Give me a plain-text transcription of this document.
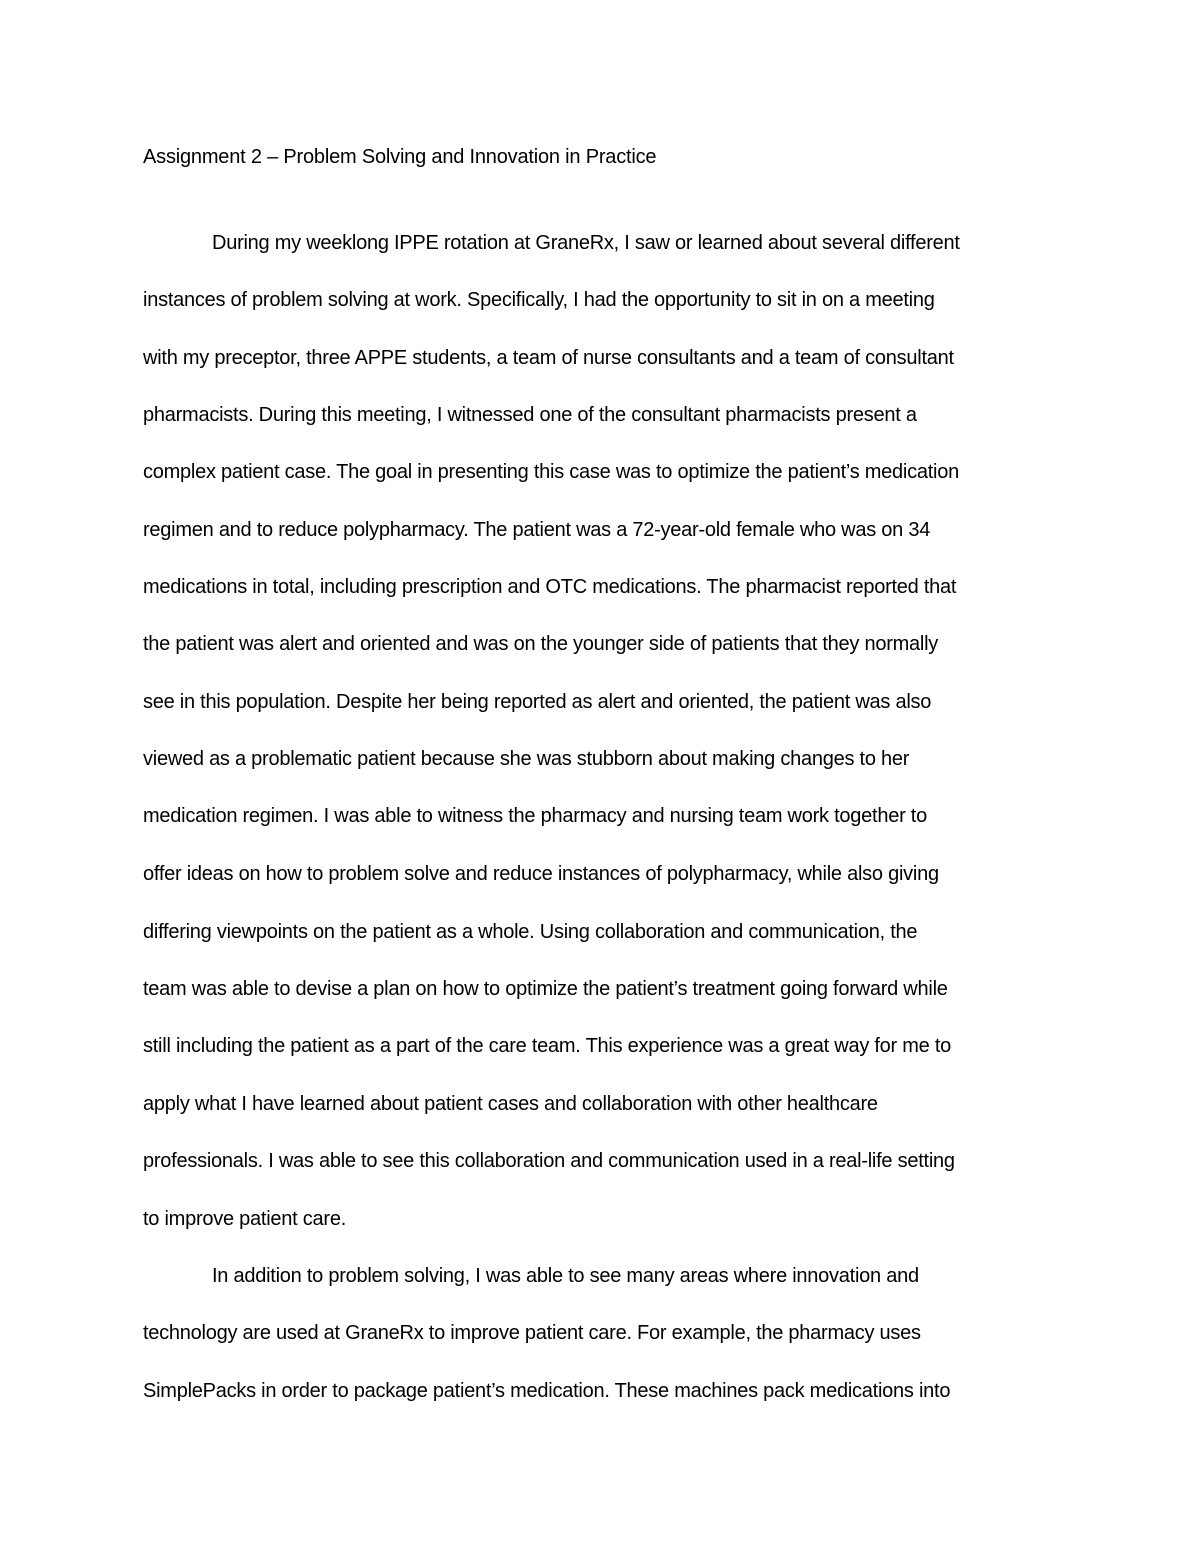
Assignment 2 – Problem Solving and Innovation in Practice
During my weeklong IPPE rotation at GraneRx, I saw or learned about several different
instances of problem solving at work. Specifically, I had the opportunity to sit in on a meeting
with my preceptor, three APPE students, a team of nurse consultants and a team of consultant
pharmacists. During this meeting, I witnessed one of the consultant pharmacists present a
complex patient case. The goal in presenting this case was to optimize the patient’s medication
regimen and to reduce polypharmacy. The patient was a 72-year-old female who was on 34
medications in total, including prescription and OTC medications. The pharmacist reported that
the patient was alert and oriented and was on the younger side of patients that they normally
see in this population. Despite her being reported as alert and oriented, the patient was also
viewed as a problematic patient because she was stubborn about making changes to her
medication regimen. I was able to witness the pharmacy and nursing team work together to
offer ideas on how to problem solve and reduce instances of polypharmacy, while also giving
differing viewpoints on the patient as a whole. Using collaboration and communication, the
team was able to devise a plan on how to optimize the patient’s treatment going forward while
still including the patient as a part of the care team. This experience was a great way for me to
apply what I have learned about patient cases and collaboration with other healthcare
professionals. I was able to see this collaboration and communication used in a real-life setting
to improve patient care.
In addition to problem solving, I was able to see many areas where innovation and
technology are used at GraneRx to improve patient care. For example, the pharmacy uses
SimplePacks in order to package patient’s medication. These machines pack medications into
